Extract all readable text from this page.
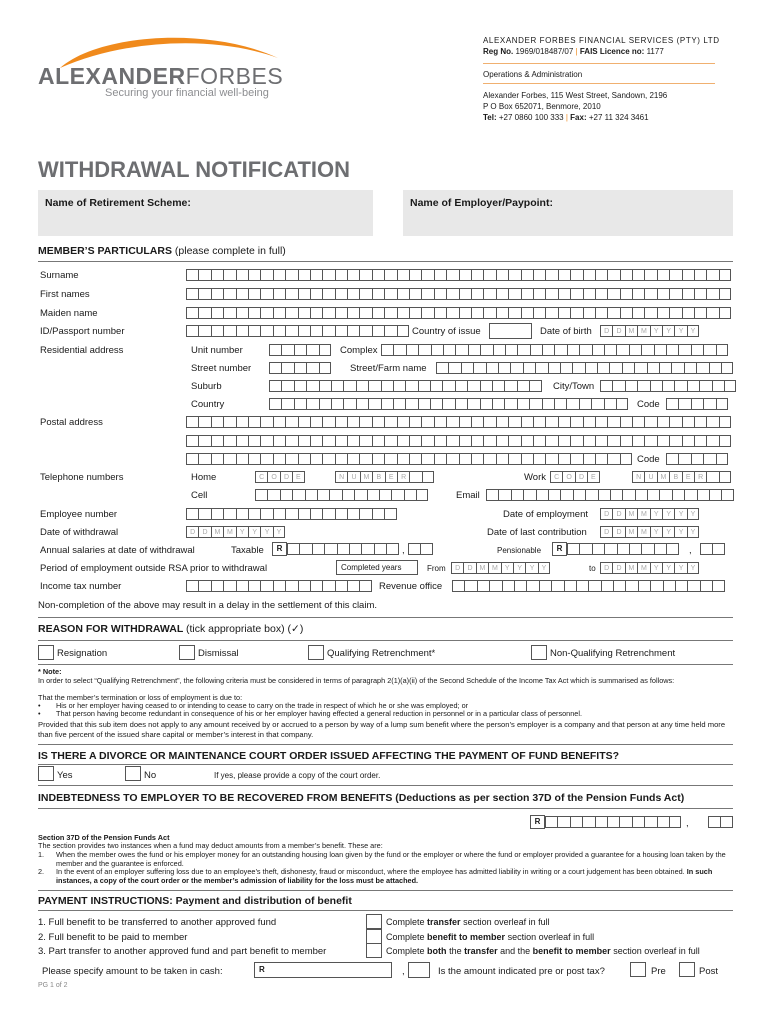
ALEXANDERFORBES
Securing your financial well-being
ALEXANDER FORBES FINANCIAL SERVICES (PTY) LTD
Reg No. 1969/018487/07 | FAIS Licence no: 1177
Operations & Administration
Alexander Forbes, 115 West Street, Sandown, 2196
P O Box 652071, Benmore, 2010
Tel: +27 0860 100 333 | Fax: +27 11 324 3461
WITHDRAWAL NOTIFICATION
Name of Retirement Scheme:	Name of Employer/Paypoint:
MEMBER’S PARTICULARS (please complete in full)
Surname
First names
Maiden name
ID/Passport number	Country of issue	Date of birth	D	D M M	Y	Y	Y	Y
Residential address	Unit number	Complex
Street number	Street/Farm name
Suburb	City/Town
Country	Code
Postal address
Code
Telephone numbers	Home	C	O	D	E	N	U M	B	E	R	Work	C	O	D	E	N	U M	B	E	R
Cell	Email
Employee number	Date of employment	D	D M M	Y	Y	Y	Y
Date of withdrawal	D	D M M	Y	Y	Y	Y	Date of last contribution	D	D M M	Y	Y	Y	Y
Annual salaries at date of withdrawal	Taxable	R	,	Pensionable	R	,
Period of employment outside RSA prior to withdrawal	Completed years	From	D	D M M	Y	Y	Y	Y	to	D	D M M	Y	Y	Y	Y
Income tax number	Revenue office
Non-completion of the above may result in a delay in the settlement of this claim.
REASON FOR WITHDRAWAL (tick appropriate box) (✓)
Resignation	Dismissal	Qualifying Retrenchment*	Non-Qualifying Retrenchment
* Note:
In order to select “Qualifying Retrenchment”, the following criteria must be considered in terms of paragraph 2(1)(a)(ii) of the Second Schedule of the Income Tax Act which is summarised as follows:
That the member’s termination or loss of employment is due to:
• His or her employer having ceased to or intending to cease to carry on the trade in respect of which he or she was employed; or
• That person having become redundant in consequence of his or her employer having effected a general reduction in personnel or in a particular class of personnel.
Provided that this sub item does not apply to any amount received by or accrued to a person by way of a lump sum benefit where the person’s employer is a company and that person at any time held more than five percent of the issued share capital or member’s interest in that company.
IS THERE A DIVORCE OR MAINTENANCE COURT ORDER ISSUED AFFECTING THE PAYMENT OF FUND BENEFITS?
Yes	No	If yes, please provide a copy of the court order.
INDEBTEDNESS TO EMPLOYER TO BE RECOVERED FROM BENEFITS (Deductions as per section 37D of the Pension Funds Act)
R	,
Section 37D of the Pension Funds Act
The section provides two instances when a fund may deduct amounts from a member’s benefit. These are:
1. When the member owes the fund or his employer money for an outstanding housing loan given by the fund or the employer or where the fund or employer provided a guarantee for a housing loan taken by the member and the guarantee is enforced.
2. In the event of an employer suffering loss due to an employee’s theft, dishonesty, fraud or misconduct, where the employee has admitted liability in writing or a court judgement has been obtained. In such instances, a copy of the court order or the member’s admission of liability for the loss must be attached.
PAYMENT INSTRUCTIONS: Payment and distribution of benefit
1. Full benefit to be transferred to another approved fund	Complete transfer section overleaf in full
2. Full benefit to be paid to member	Complete benefit to member section overleaf in full
3. Part transfer to another approved fund and part benefit to member	Complete both the transfer and the benefit to member section overleaf in full
Please specify amount to be taken in cash:	R	,	Is the amount indicated pre or post tax?	Pre	Post
PG 1 of 2
